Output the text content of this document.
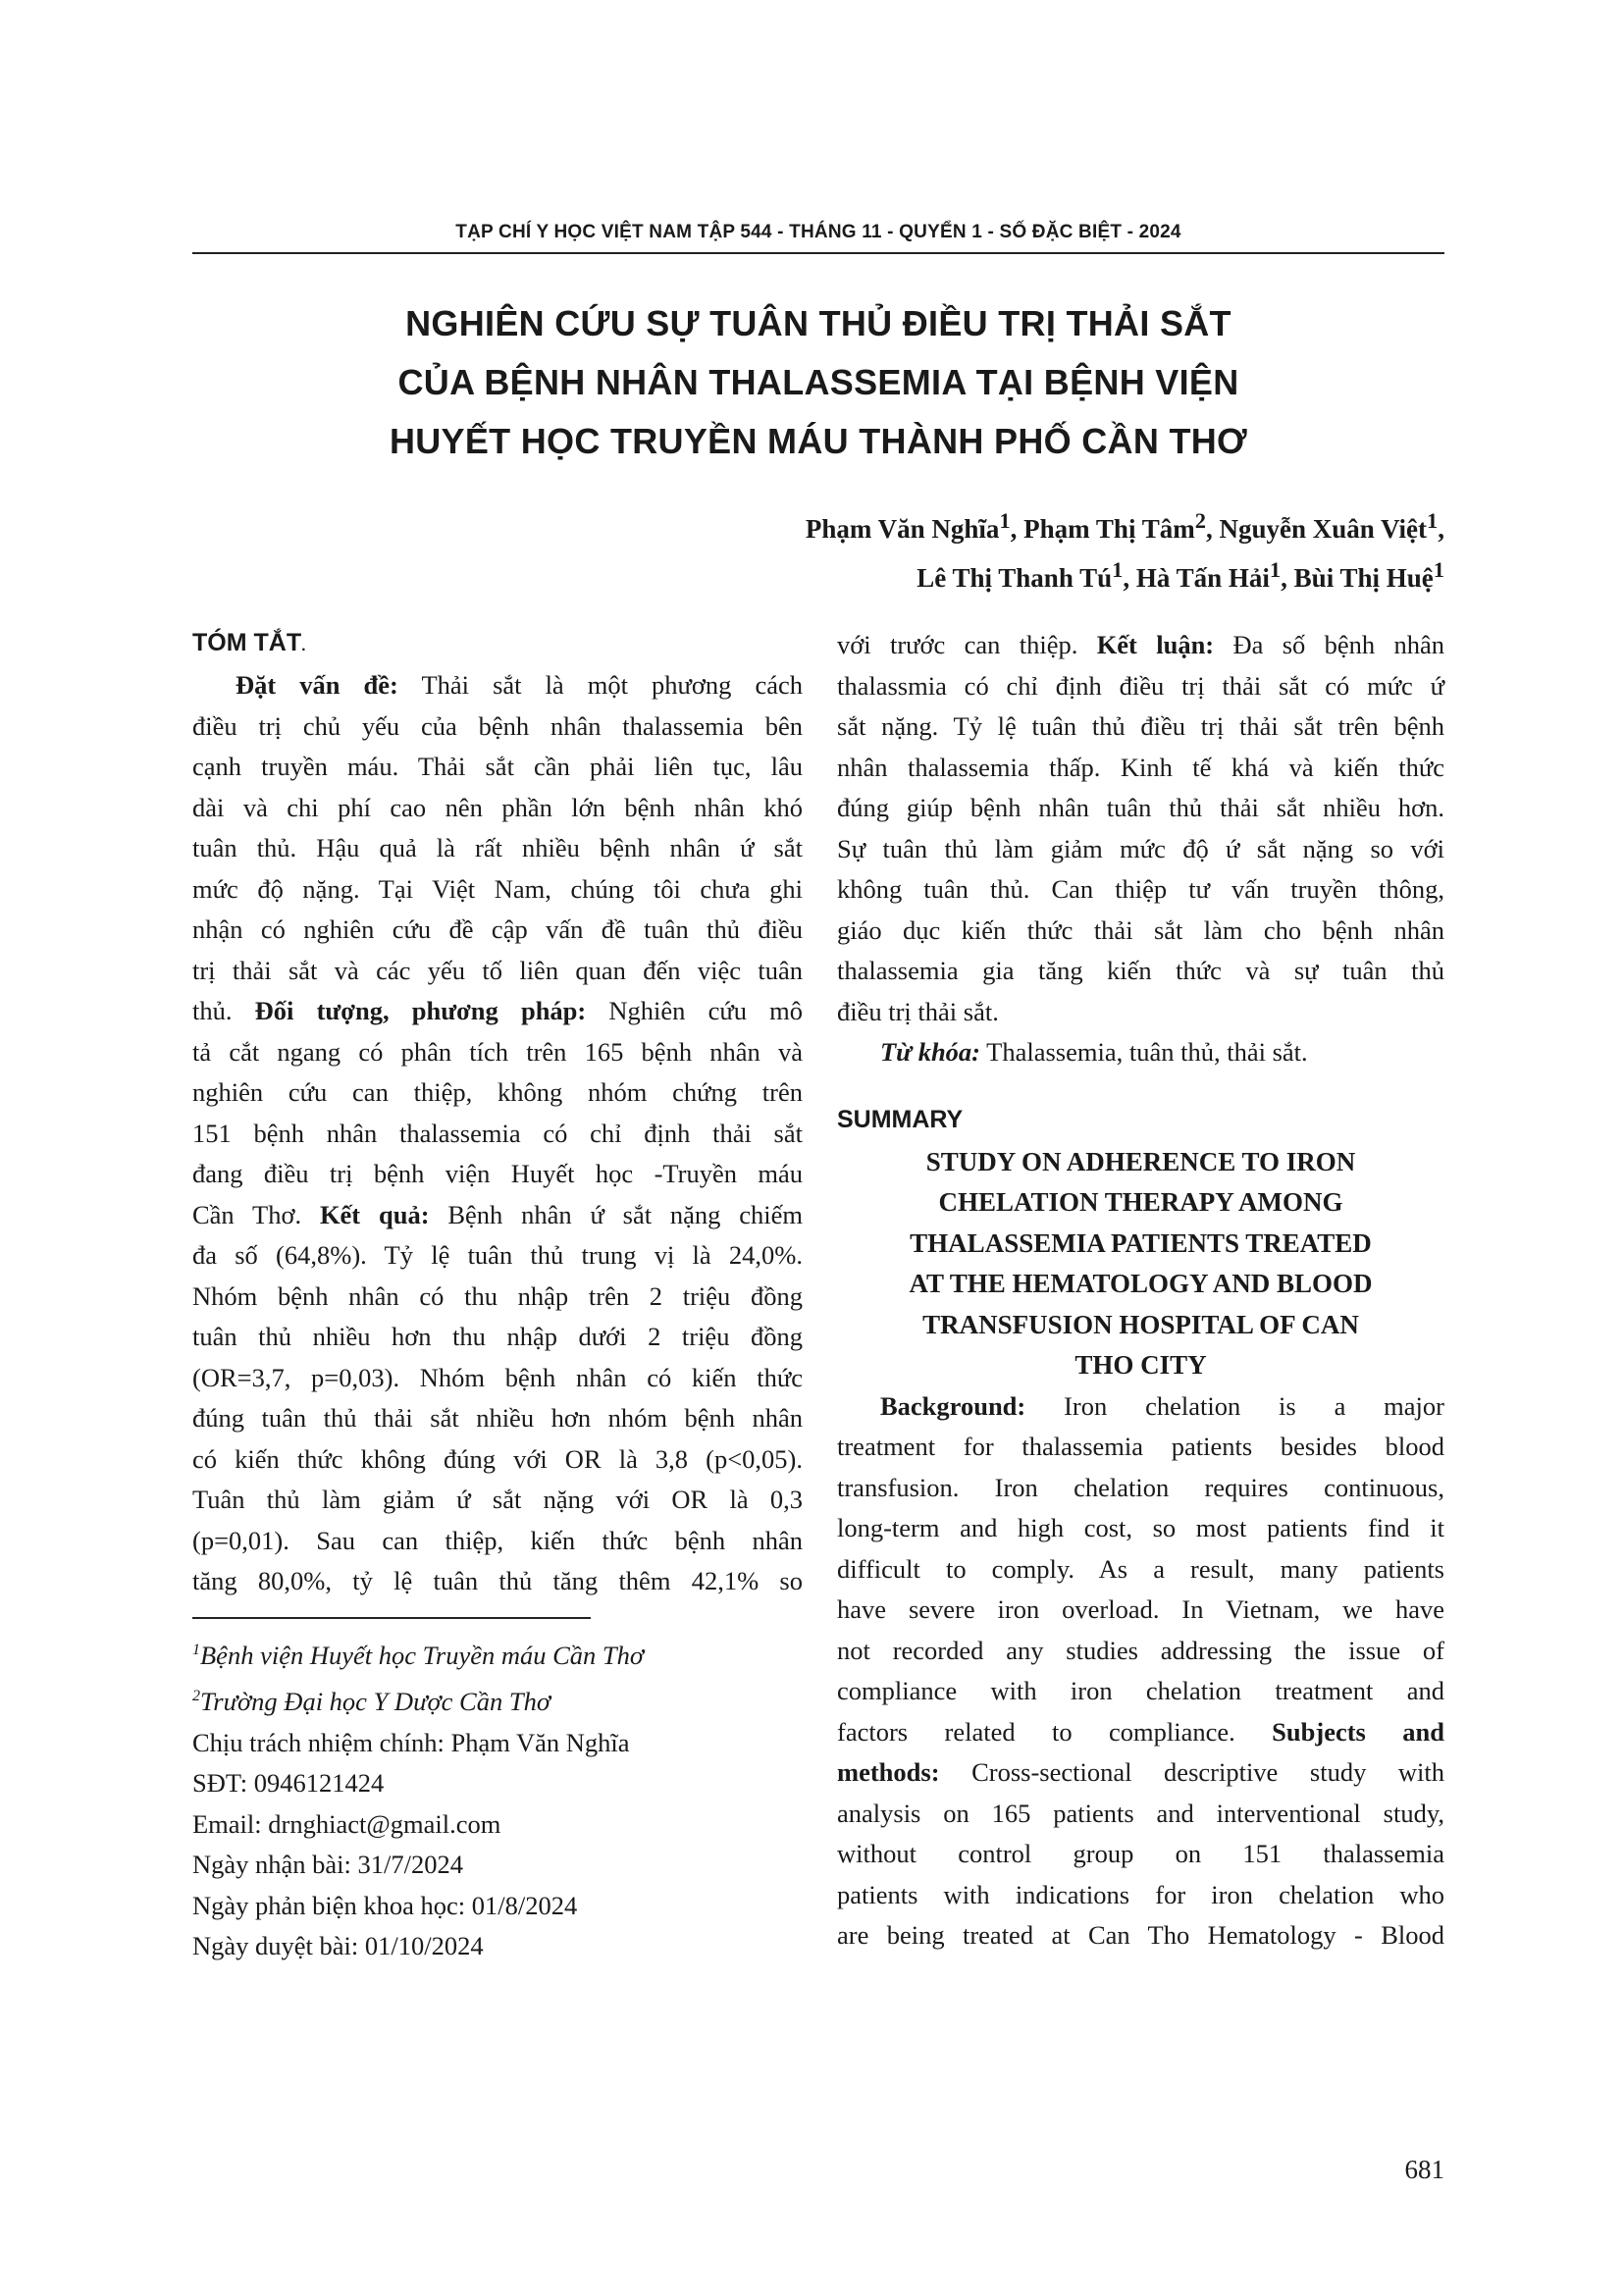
TẠP CHÍ Y HỌC VIỆT NAM TẬP 544 - THÁNG 11 - QUYỂN 1 - SỐ ĐẶC BIỆT - 2024
NGHIÊN CỨU SỰ TUÂN THỦ ĐIỀU TRỊ THẢI SẮT
CỦA BỆNH NHÂN THALASSEMIA TẠI BỆNH VIỆN
HUYẾT HỌC TRUYỀN MÁU THÀNH PHỐ CẦN THƠ
Phạm Văn Nghĩa$^1$, Phạm Thị Tâm$^2$, Nguyễn Xuân Việt$^1$,
Lê Thị Thanh $Tú^1$, Hà Tấn Hải$^1$, Bùi Thị Huệ$^1$
TÓM TẮT.

Đặt vấn đề: Thải sắt là một phương cách

điều trị chủ yếu của bệnh nhân thalassemia bên

cạnh truyền máu. Thải sắt cần phải liên tục, lâu

dài và chi phí cao nên phần lớn bệnh nhân khó

tuân thủ. Hậu quả là rất nhiều bệnh nhân ứ sắt

mức độ nặng. Tại Việt Nam, chúng tôi chưa ghi

nhận có nghiên cứu đề cập vấn đề tuân thủ điều

trị thải sắt và các yếu tố liên quan đến việc tuân

thủ. Đối tượng, phương pháp: Nghiên cứu mô

tả cắt ngang có phân tích trên 165 bệnh nhân và

nghiên cứu can thiệp, không nhóm chứng trên

151 bệnh nhân thalassemia có chỉ định thải sắt

đang điều trị bệnh viện Huyết học -Truyền máu

Cần Thơ. Kết quả: Bệnh nhân ứ sắt nặng chiếm

đa số (64,8%). Tỷ lệ tuân thủ trung vị là 24,0%.

Nhóm bệnh nhân có thu nhập trên 2 triệu đồng

tuân thủ nhiều hơn thu nhập dưới 2 triệu đồng

(OR=3,7, p=0,03). Nhóm bệnh nhân có kiến thức

đúng tuân thủ thải sắt nhiều hơn nhóm bệnh nhân

có kiến thức không đúng với OR là 3,8 (p<0,05).

Tuân thủ làm giảm ứ sắt nặng với OR là 0,3

(p=0,01). Sau can thiệp, kiến thức bệnh nhân

tăng 80,0%, tỷ lệ tuân thủ tăng thêm 42,1% so

$^1$Bệnh viện Huyết học Truyền máu Cần Thơ
$^2$Trường Đại học Y Dược Cần Thơ
Chịu trách nhiệm chính: Phạm Văn Nghĩa
SĐT: 0946121424
Email: drnghiact@gmail.com
Ngày nhận bài: 31/7/2024
Ngày phản biện khoa học: 01/8/2024
Ngày duyệt bài: 01/10/2024

với trước can thiệp. Kết luận: Đa số bệnh nhân

thalassmia có chỉ định điều trị thải sắt có mức ứ

sắt nặng. Tỷ lệ tuân thủ điều trị thải sắt trên bệnh

nhân thalassemia thấp. Kinh tế khá và kiến thức

đúng giúp bệnh nhân tuân thủ thải sắt nhiều hơn.

Sự tuân thủ làm giảm mức độ ứ sắt nặng so với

không tuân thủ. Can thiệp tư vấn truyền thông,

giáo dục kiến thức thải sắt làm cho bệnh nhân

thalassemia gia tăng kiến thức và sự tuân thủ

điều trị thải sắt.

Từ khóa: Thalassemia, tuân thủ, thải sắt.

SUMMARY

STUDY ON ADHERENCE TO IRON
CHELATION THERAPY AMONG
THALASSEMIA PATIENTS TREATED
AT THE HEMATOLOGY AND BLOOD
TRANSFUSION HOSPITAL OF CAN
THO CITY

Background: Iron chelation is a major

treatment for thalassemia patients besides blood

transfusion. Iron chelation requires continuous,

long-term and high cost, so most patients find it

difficult to comply. As a result, many patients

have severe iron overload. In Vietnam, we have

not recorded any studies addressing the issue of

compliance with iron chelation treatment and

factors related to compliance. Subjects and

methods: Cross-sectional descriptive study with

analysis on 165 patients and interventional study,

without control group on 151 thalassemia

patients with indications for iron chelation who

are being treated at Can Tho Hematology - Blood

681
